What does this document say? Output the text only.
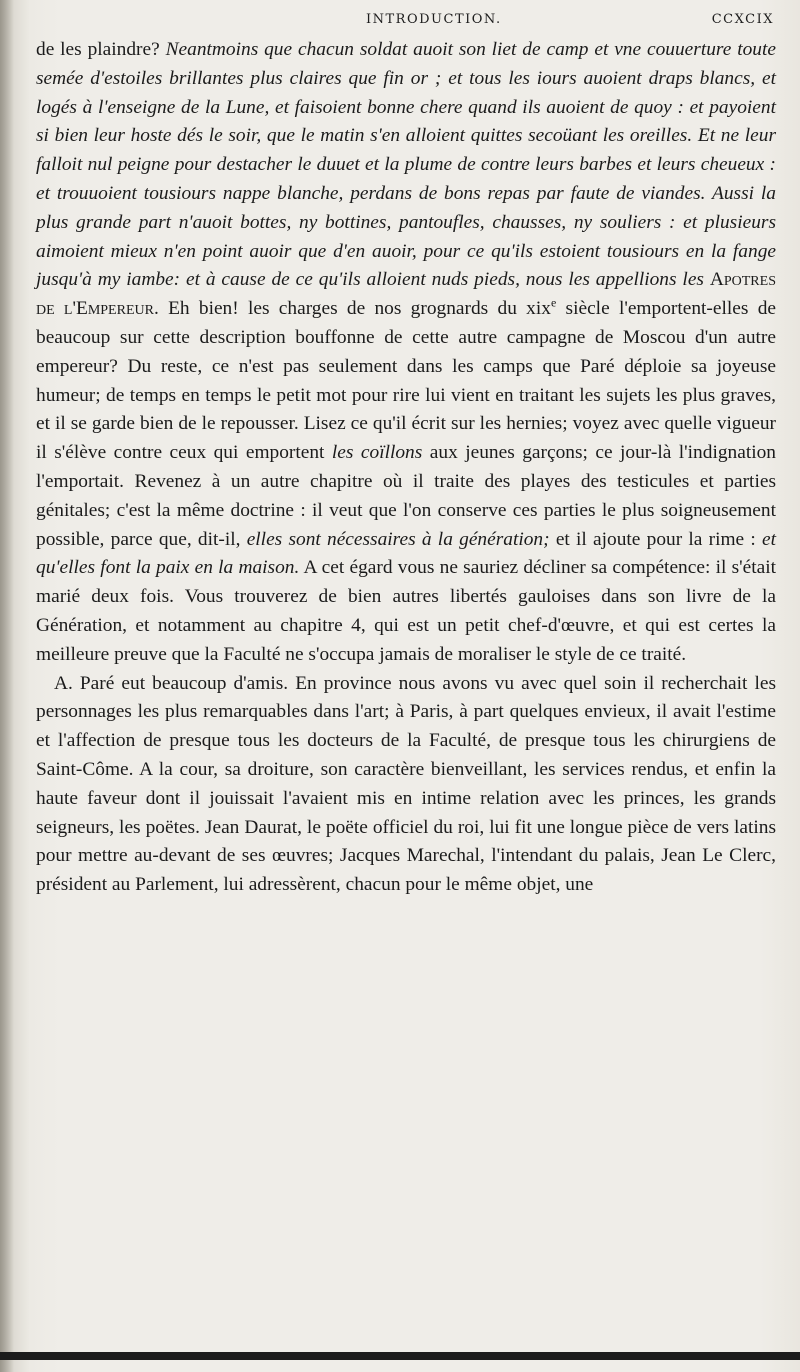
INTRODUCTION.	CCXCIX

de les plaindre? Neantmoins que chacun soldat auoit son liet de camp et vne couuerture toute semée d'estoiles brillantes plus claires que fin or ; et tous les iours auoient draps blancs, et logés à l'enseigne de la Lune, et faisoient bonne chere quand ils auoient de quoy : et payoient si bien leur hoste dés le soir, que le matin s'en alloient quittes secoüant les oreilles. Et ne leur falloit nul peigne pour destacher le duuet et la plume de contre leurs barbes et leurs cheueux : et trouuoient tousiours nappe blanche, perdans de bons repas par faute de viandes. Aussi la plus grande part n'auoit bottes, ny bottines, pantoufles, chausses, ny souliers : et plusieurs aimoient mieux n'en point auoir que d'en auoir, pour ce qu'ils estoient tousiours en la fange jusqu'à my iambe: et à cause de ce qu'ils alloient nuds pieds, nous les appellions les Apotres de l'Empereur. Eh bien! les charges de nos grognards du xix$^e$ siècle l'emportent-elles de beaucoup sur cette description bouffonne de cette autre campagne de Moscou d'un autre empereur? Du reste, ce n'est pas seulement dans les camps que Paré déploie sa joyeuse humeur; de temps en temps le petit mot pour rire lui vient en traitant les sujets les plus graves, et il se garde bien de le repousser. Lisez ce qu'il écrit sur les hernies; voyez avec quelle vigueur il s'élève contre ceux qui emportent les coïllons aux jeunes garçons; ce jour-là l'indignation l'emportait. Revenez à un autre chapitre où il traite des playes des testicules et parties génitales; c'est la même doctrine : il veut que l'on conserve ces parties le plus soigneusement possible, parce que, dit-il, elles sont nécessaires à la génération; et il ajoute pour la rime : et qu'elles font la paix en la maison. A cet égard vous ne sauriez décliner sa compétence: il s'était marié deux fois. Vous trouverez de bien autres libertés gauloises dans son livre de la Génération, et notamment au chapitre 4, qui est un petit chef-d'œuvre, et qui est certes la meilleure preuve que la Faculté ne s'occupa jamais de moraliser le style de ce traité.

A. Paré eut beaucoup d'amis. En province nous avons vu avec quel soin il recherchait les personnages les plus remarquables dans l'art; à Paris, à part quelques envieux, il avait l'estime et l'affection de presque tous les docteurs de la Faculté, de presque tous les chirurgiens de Saint-Côme. A la cour, sa droiture, son caractère bienveillant, les services rendus, et enfin la haute faveur dont il jouissait l'avaient mis en intime relation avec les princes, les grands seigneurs, les poëtes. Jean Daurat, le poëte officiel du roi, lui fit une longue pièce de vers latins pour mettre au-devant de ses œuvres; Jacques Marechal, l'intendant du palais, Jean Le Clerc, président au Parlement, lui adressèrent, chacun pour le même objet, une
